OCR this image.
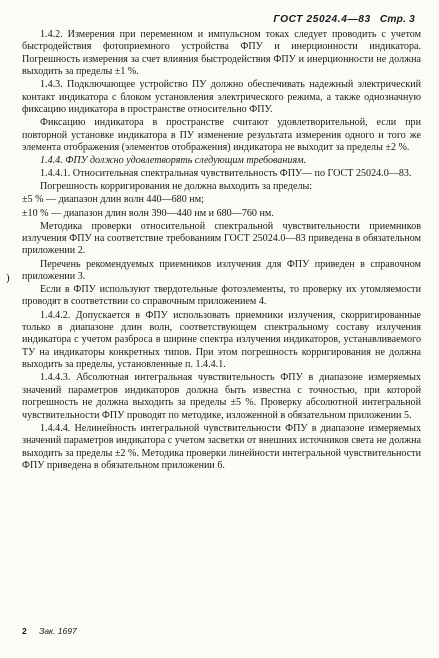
ГОСТ 25024.4—83 Стр. 3
)

1.4.2. Измерения при переменном и импульсном токах следует проводить с учетом быстродействия фотоприемного устройства ФПУ и инерционности индикатора. Погрешность измерения за счет влияния быстродействия ФПУ и инерционности не должна выходить за пределы ±1 %.

1.4.3. Подключающее устройство ПУ должно обеспечивать надежный электрический контакт индикатора с блоком установления электрического режима, а также однозначную фиксацию индикатора в пространстве относительно ФПУ.

Фиксацию индикатора в пространстве считают удовлетворительной, если при повторной установке индикатора в ПУ изменение результата измерения одного и того же элемента отображения (элементов отображения) индикатора не выходит за пределы ±2 %.

1.4.4. ФПУ должно удовлетворять следующим требованиям.

1.4.4.1. Относительная спектральная чувствительность ФПУ— по ГОСТ 25024.0—83.

Погрешность корригирования не должна выходить за пределы:

±5 % — диапазон длин волн 440—680 нм;

±10 % — диапазон длин волн 390—440 нм и 680—760 нм.

Методика проверки относительной спектральной чувствительности приемников излучения ФПУ на соответствие требованиям ГОСТ 25024.0—83 приведена в обязательном приложении 2.

Перечень рекомендуемых приемников излучения для ФПУ приведен в справочном приложении 3.

Если в ФПУ используют твердотельные фотоэлементы, то проверку их утомляемости проводят в соответствии со справочным приложением 4.

1.4.4.2. Допускается в ФПУ использовать приемники излучения, скорригированные только в диапазоне длин волн, соответствующем спектральному составу излучения индикатора с учетом разброса в ширине спектра излучения индикаторов, устанавливаемого ТУ на индикаторы конкретных типов. При этом погрешность корригирования не должна выходить за пределы, установленные п. 1.4.4.1.

1.4.4.3. Абсолютная интегральная чувствительность ФПУ в диапазоне измеряемых значений параметров индикаторов должна быть известна с точностью, при которой погрешность не должна выходить за пределы ±5 %. Проверку абсолютной интегральной чувствительности ФПУ проводят по методике, изложенной в обязательном приложении 5.

1.4.4.4. Нелинейность интегральной чувствительности ФПУ в диапазоне измеряемых значений параметров индикатора с учетом засветки от внешних источников света не должна выходить за пределы ±2 %. Методика проверки линейности интегральной чувствительности ФПУ приведена в обязательном приложении 6.

2 Зак. 1697
